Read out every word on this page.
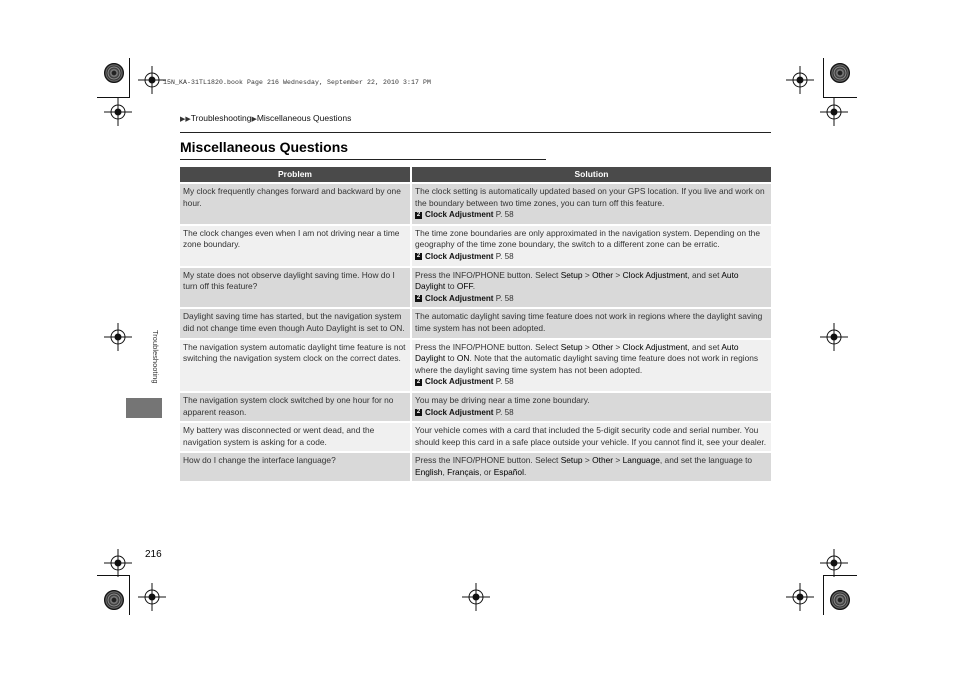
15N_KA-31TL1820.book Page 216 Wednesday, September 22, 2010 3:17 PM
▶▶Troubleshooting▶Miscellaneous Questions
Miscellaneous Questions
Problem	Solution
My clock frequently changes forward and backward by one hour.	The clock setting is automatically updated based on your GPS location. If you live and work on the boundary between two time zones, you can turn off this feature.
2 Clock Adjustment P. 58

The clock changes even when I am not driving near a time zone boundary.	The time zone boundaries are only approximated in the navigation system. Depending on the geography of the time zone boundary, the switch to a different zone can be erratic.
2 Clock Adjustment P. 58

My state does not observe daylight saving time. How do I turn off this feature?	Press the INFO/PHONE button. Select Setup > Other > Clock Adjustment, and set Auto Daylight to OFF.
2 Clock Adjustment P. 58

Daylight saving time has started, but the navigation system did not change time even though Auto Daylight is set to ON.	The automatic daylight saving time feature does not work in regions where the daylight saving time system has not been adopted.
The navigation system automatic daylight time feature is not switching the navigation system clock on the correct dates.	Press the INFO/PHONE button. Select Setup > Other > Clock Adjustment, and set Auto Daylight to ON. Note that the automatic daylight saving time feature does not work in regions where the daylight saving time system has not been adopted.
2 Clock Adjustment P. 58

The navigation system clock switched by one hour for no apparent reason.	You may be driving near a time zone boundary.
2 Clock Adjustment P. 58

My battery was disconnected or went dead, and the navigation system is asking for a code.	Your vehicle comes with a card that included the 5-digit security code and serial number. You should keep this card in a safe place outside your vehicle. If you cannot find it, see your dealer.
How do I change the interface language?	Press the INFO/PHONE button. Select Setup > Other > Language, and set the language to English, Français, or Español.
Troubleshooting
216
